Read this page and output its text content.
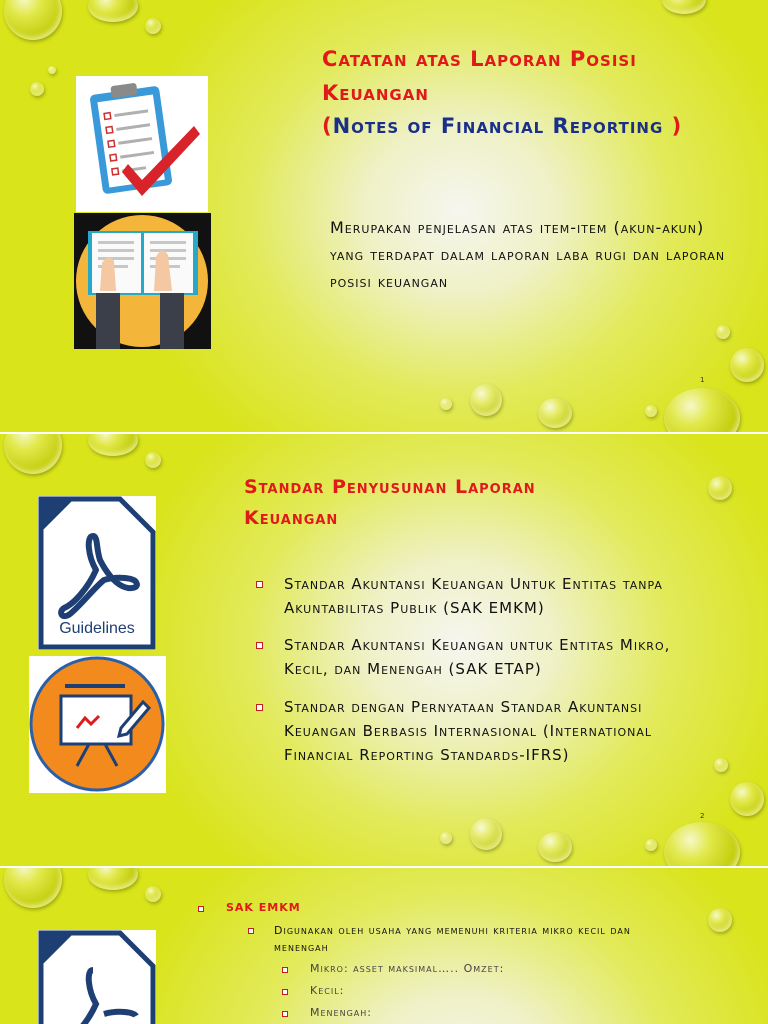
Catatan atas Laporan Posisi
Keuangan
(Notes of Financial Reporting )
Merupakan penjelasan atas item-item (akun-akun) yang terdapat dalam laporan laba rugi dan laporan posisi keuangan
1
Guidelines
Standar Penyusunan Laporan
Keuangan
Standar Akuntansi Keuangan Untuk Entitas tanpa Akuntabilitas Publik (SAK EMKM)
Standar Akuntansi Keuangan untuk Entitas Mikro, Kecil, dan Menengah (SAK ETAP)
Standar dengan Pernyataan Standar Akuntansi Keuangan Berbasis Internasional (International Financial Reporting Standards-IFRS)
2
SAK EMKM
Digunakan oleh usaha yang memenuhi kriteria mikro kecil dan menengah
Mikro: asset maksimal….. Omzet:
Kecil:
Menengah:
